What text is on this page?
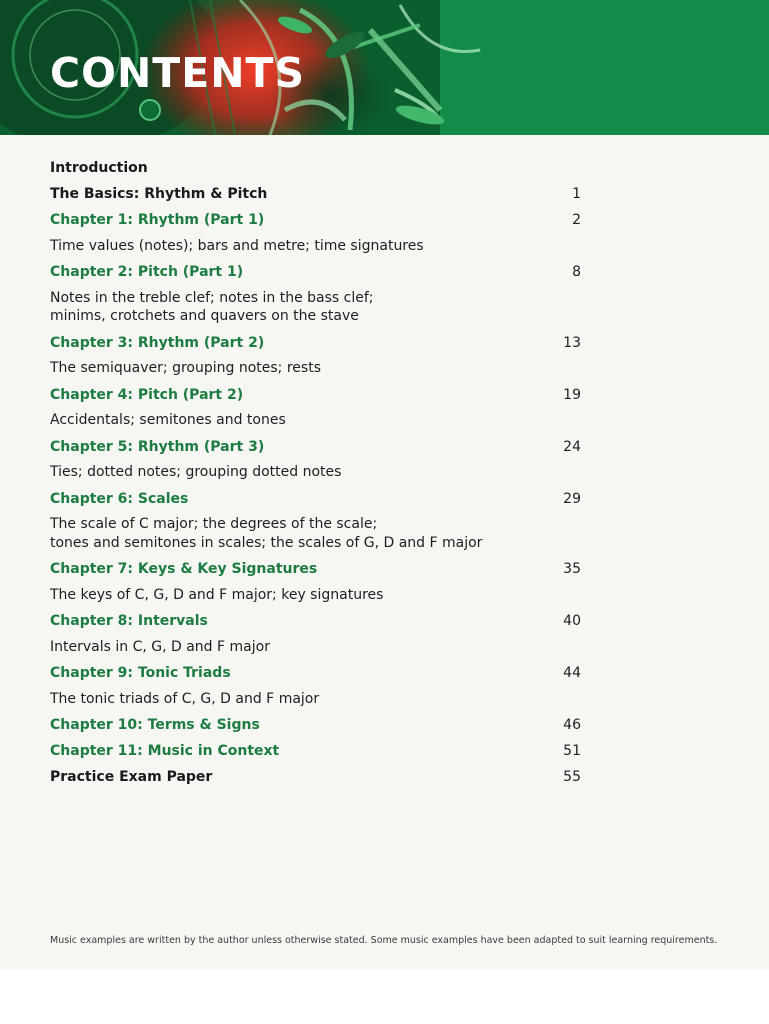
CONTENTS
Introduction
The Basics: Rhythm & Pitch	1
Chapter 1: Rhythm (Part 1)	2
Time values (notes); bars and metre; time signatures
Chapter 2: Pitch (Part 1)	8
Notes in the treble clef; notes in the bass clef;
minims, crotchets and quavers on the stave
Chapter 3: Rhythm (Part 2)	13
The semiquaver; grouping notes; rests
Chapter 4: Pitch (Part 2)	19
Accidentals; semitones and tones
Chapter 5: Rhythm (Part 3)	24
Ties; dotted notes; grouping dotted notes
Chapter 6: Scales	29
The scale of C major; the degrees of the scale;
tones and semitones in scales; the scales of G, D and F major
Chapter 7: Keys & Key Signatures	35
The keys of C, G, D and F major; key signatures
Chapter 8: Intervals	40
Intervals in C, G, D and F major
Chapter 9: Tonic Triads	44
The tonic triads of C, G, D and F major
Chapter 10: Terms & Signs	46
Chapter 11: Music in Context	51
Practice Exam Paper	55
Music examples are written by the author unless otherwise stated. Some music examples have been adapted to suit learning requirements.
